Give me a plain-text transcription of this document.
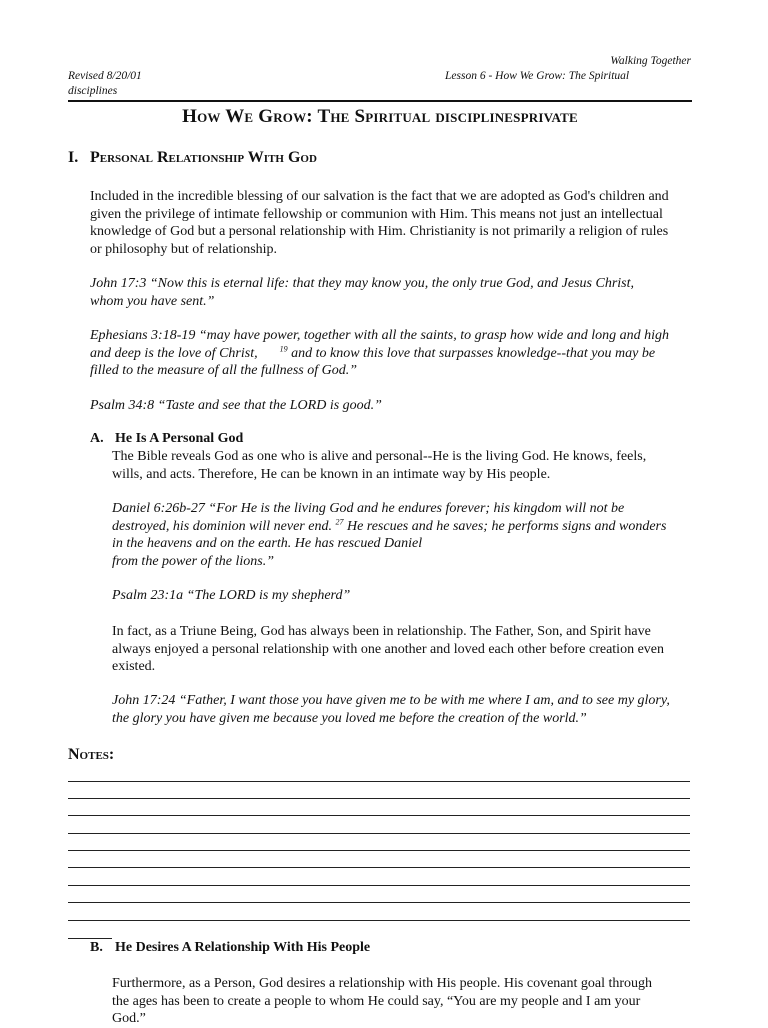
Walking Together
Revised 8/20/01	Lesson 6 - How We Grow: The Spiritual
disciplines
How We Grow: The Spiritual disciplinesprivate
I. Personal Relationship With God
Included in the incredible blessing of our salvation is the fact that we are adopted as God's children and
given the privilege of intimate fellowship or communion with Him. This means not just an intellectual
knowledge of God but a personal relationship with Him. Christianity is not primarily a religion of rules
or philosophy but of relationship.
John 17:3 “Now this is eternal life: that they may know you, the only true God, and Jesus Christ,
whom you have sent.”
Ephesians 3:18-19 “may have power, together with all the saints, to grasp how wide and long and high
and deep is the love of Christ,	$^{19}$ and to know this love that surpasses knowledge--that you may be
filled to the measure of all the fullness of God.”
Psalm 34:8 “Taste and see that the LORD is good.”
A. He Is A Personal God
The Bible reveals God as one who is alive and personal--He is the living God. He knows, feels,
wills, and acts. Therefore, He can be known in an intimate way by His people.
Daniel 6:26b-27 “For He is the living God and he endures forever; his kingdom will not be
destroyed, his dominion will never end. $^{27}$ He rescues and he saves; he performs signs and wonders
in the heavens and on the earth. He has rescued Daniel
from the power of the lions.”
Psalm 23:1a “The LORD is my shepherd”
In fact, as a Triune Being, God has always been in relationship. The Father, Son, and Spirit have
always enjoyed a personal relationship with one another and loved each other before creation even
existed.
John 17:24 “Father, I want those you have given me to be with me where I am, and to see my glory,
the glory you have given me because you loved me before the creation of the world.”
Notes:
B. He Desires A Relationship With His People
Furthermore, as a Person, God desires a relationship with His people. His covenant goal through
the ages has been to create a people to whom He could say, “You are my people and I am your
God.”
